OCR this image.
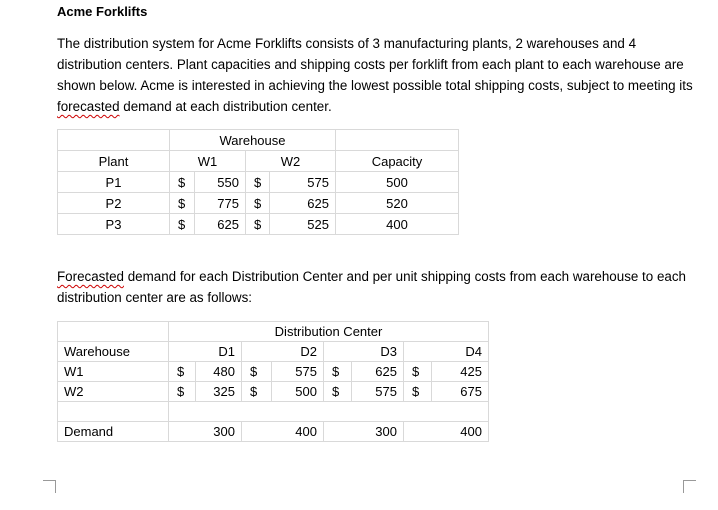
Acme Forklifts
The distribution system for Acme Forklifts consists of 3 manufacturing plants, 2 warehouses and 4 distribution centers. Plant capacities and shipping costs per forklift from each plant to each warehouse are shown below. Acme is interested in achieving the lowest possible total shipping costs, subject to meeting its forecasted demand at each distribution center.
	Warehouse				
Plant	W1		W2		Capacity
P1	$	550	$	575	500
P2	$	775	$	625	520
P3	$	625	$	525	400
Forecasted demand for each Distribution Center and per unit shipping costs from each warehouse to each distribution center are as follows:
	Distribution Center							
Warehouse	D1		D2		D3		D4	
W1	$	480	$	575	$	625	$	425
W2	$	325	$	500	$	575	$	675

Demand	300		400		300		400	
